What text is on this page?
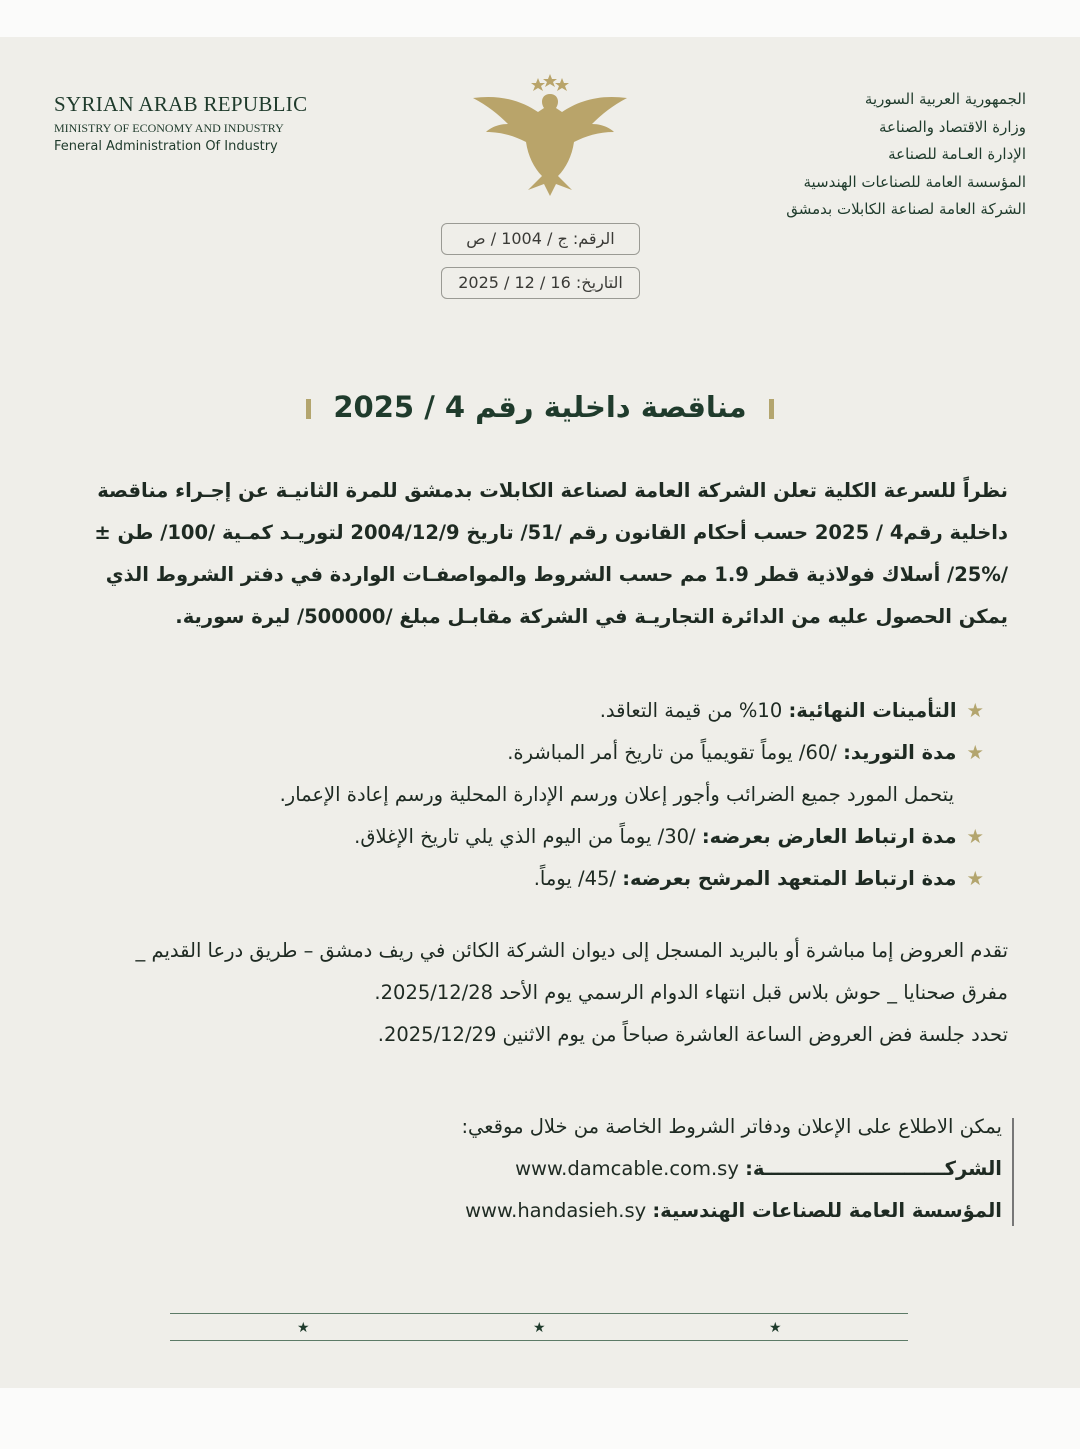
SYRIAN ARAB REPUBLIC
MINISTRY OF ECONOMY AND INDUSTRY
Feneral Administration Of Industry
الجمهورية العربية السورية
وزارة الاقتصاد والصناعة
الإدارة العـامة للصناعة
المؤسسة العامة للصناعات الهندسية
الشركة العامة لصناعة الكابلات بدمشق
الرقم: ج / 1004 / ص
التاريخ: 16 / 12 / 2025
مناقصة داخلية رقم 4 / 2025
نظراً للسرعة الكلية تعلن الشركة العامة لصناعة الكابلات بدمشق للمرة الثانيـة عن إجـراء مناقصة
داخلية رقم4 / 2025 حسب أحكام القانون رقم /51/ تاريخ 2004/12/9 لتوريـد كمـية /100/ طن ±
/25%/ أسلاك فولاذية قطر 1.9 مم حسب الشروط والمواصفـات الواردة في دفتر الشروط الذي
يمكن الحصول عليه من الدائرة التجاريـة في الشركة مقابـل مبلغ /500000/ ليرة سورية.
★التأمينات النهائية: 10% من قيمة التعاقد.
★مدة التوريد: /60/ يوماً تقويمياً من تاريخ أمر المباشرة.
يتحمل المورد جميع الضرائب وأجور إعلان ورسم الإدارة المحلية ورسم إعادة الإعمار.
★مدة ارتباط العارض بعرضه: /30/ يوماً من اليوم الذي يلي تاريخ الإغلاق.
★مدة ارتباط المتعهد المرشح بعرضه: /45/ يوماً.
تقدم العروض إما مباشرة أو بالبريد المسجل إلى ديوان الشركة الكائن في ريف دمشق – طريق درعا القديم _
مفرق صحنايا _ حوش بلاس قبل انتهاء الدوام الرسمي يوم الأحد 2025/12/28.
تحدد جلسة فض العروض الساعة العاشرة صباحاً من يوم الاثنين 2025/12/29.
يمكن الاطلاع على الإعلان ودفاتر الشروط الخاصة من خلال موقعي:
الشركـــــــــــــــــــــــــــة: www.damcable.com.sy
المؤسسة العامة للصناعات الهندسية: www.handasieh.sy
★	★	★
